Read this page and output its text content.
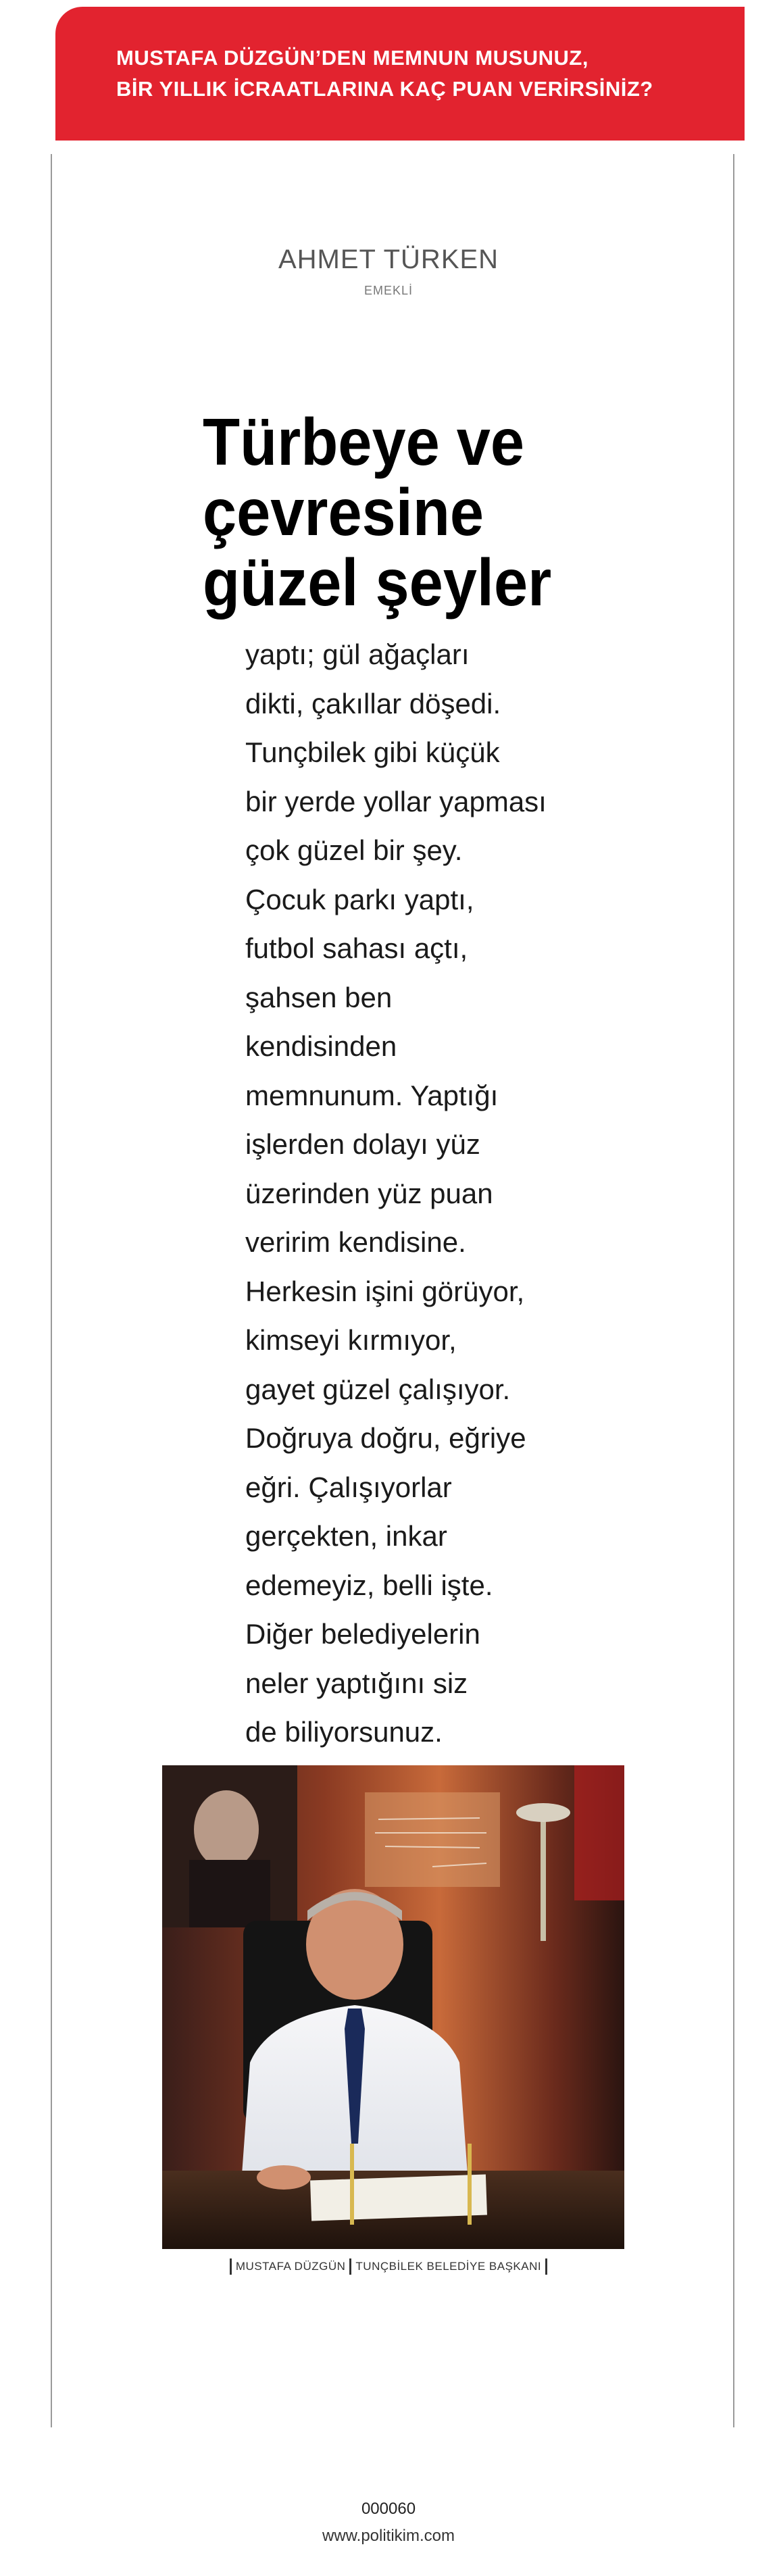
MUSTAFA DÜZGÜN’DEN MEMNUN MUSUNUZ,
BİR YILLIK İCRAATLARINA KAÇ PUAN VERİRSİNİZ?
AHMET TÜRKEN
EMEKLİ
Türbeye ve
çevresine
güzel şeyler
yaptı; gül ağaçları
dikti, çakıllar döşedi.
Tunçbilek gibi küçük
bir yerde yollar yapması
çok güzel bir şey.
Çocuk parkı yaptı,
futbol sahası açtı,
şahsen ben
kendisinden
memnunum. Yaptığı
işlerden dolayı yüz
üzerinden yüz puan
veririm kendisine.
Herkesin işini görüyor,
kimseyi kırmıyor,
gayet güzel çalışıyor.
Doğruya doğru, eğriye
eğri. Çalışıyorlar
gerçekten, inkar
edemeyiz, belli işte.
Diğer belediyelerin
neler yaptığını siz
de biliyorsunuz.
MUSTAFA DÜZGÜN TUNÇBİLEK BELEDİYE BAŞKANI
000060
www.politikim.com
